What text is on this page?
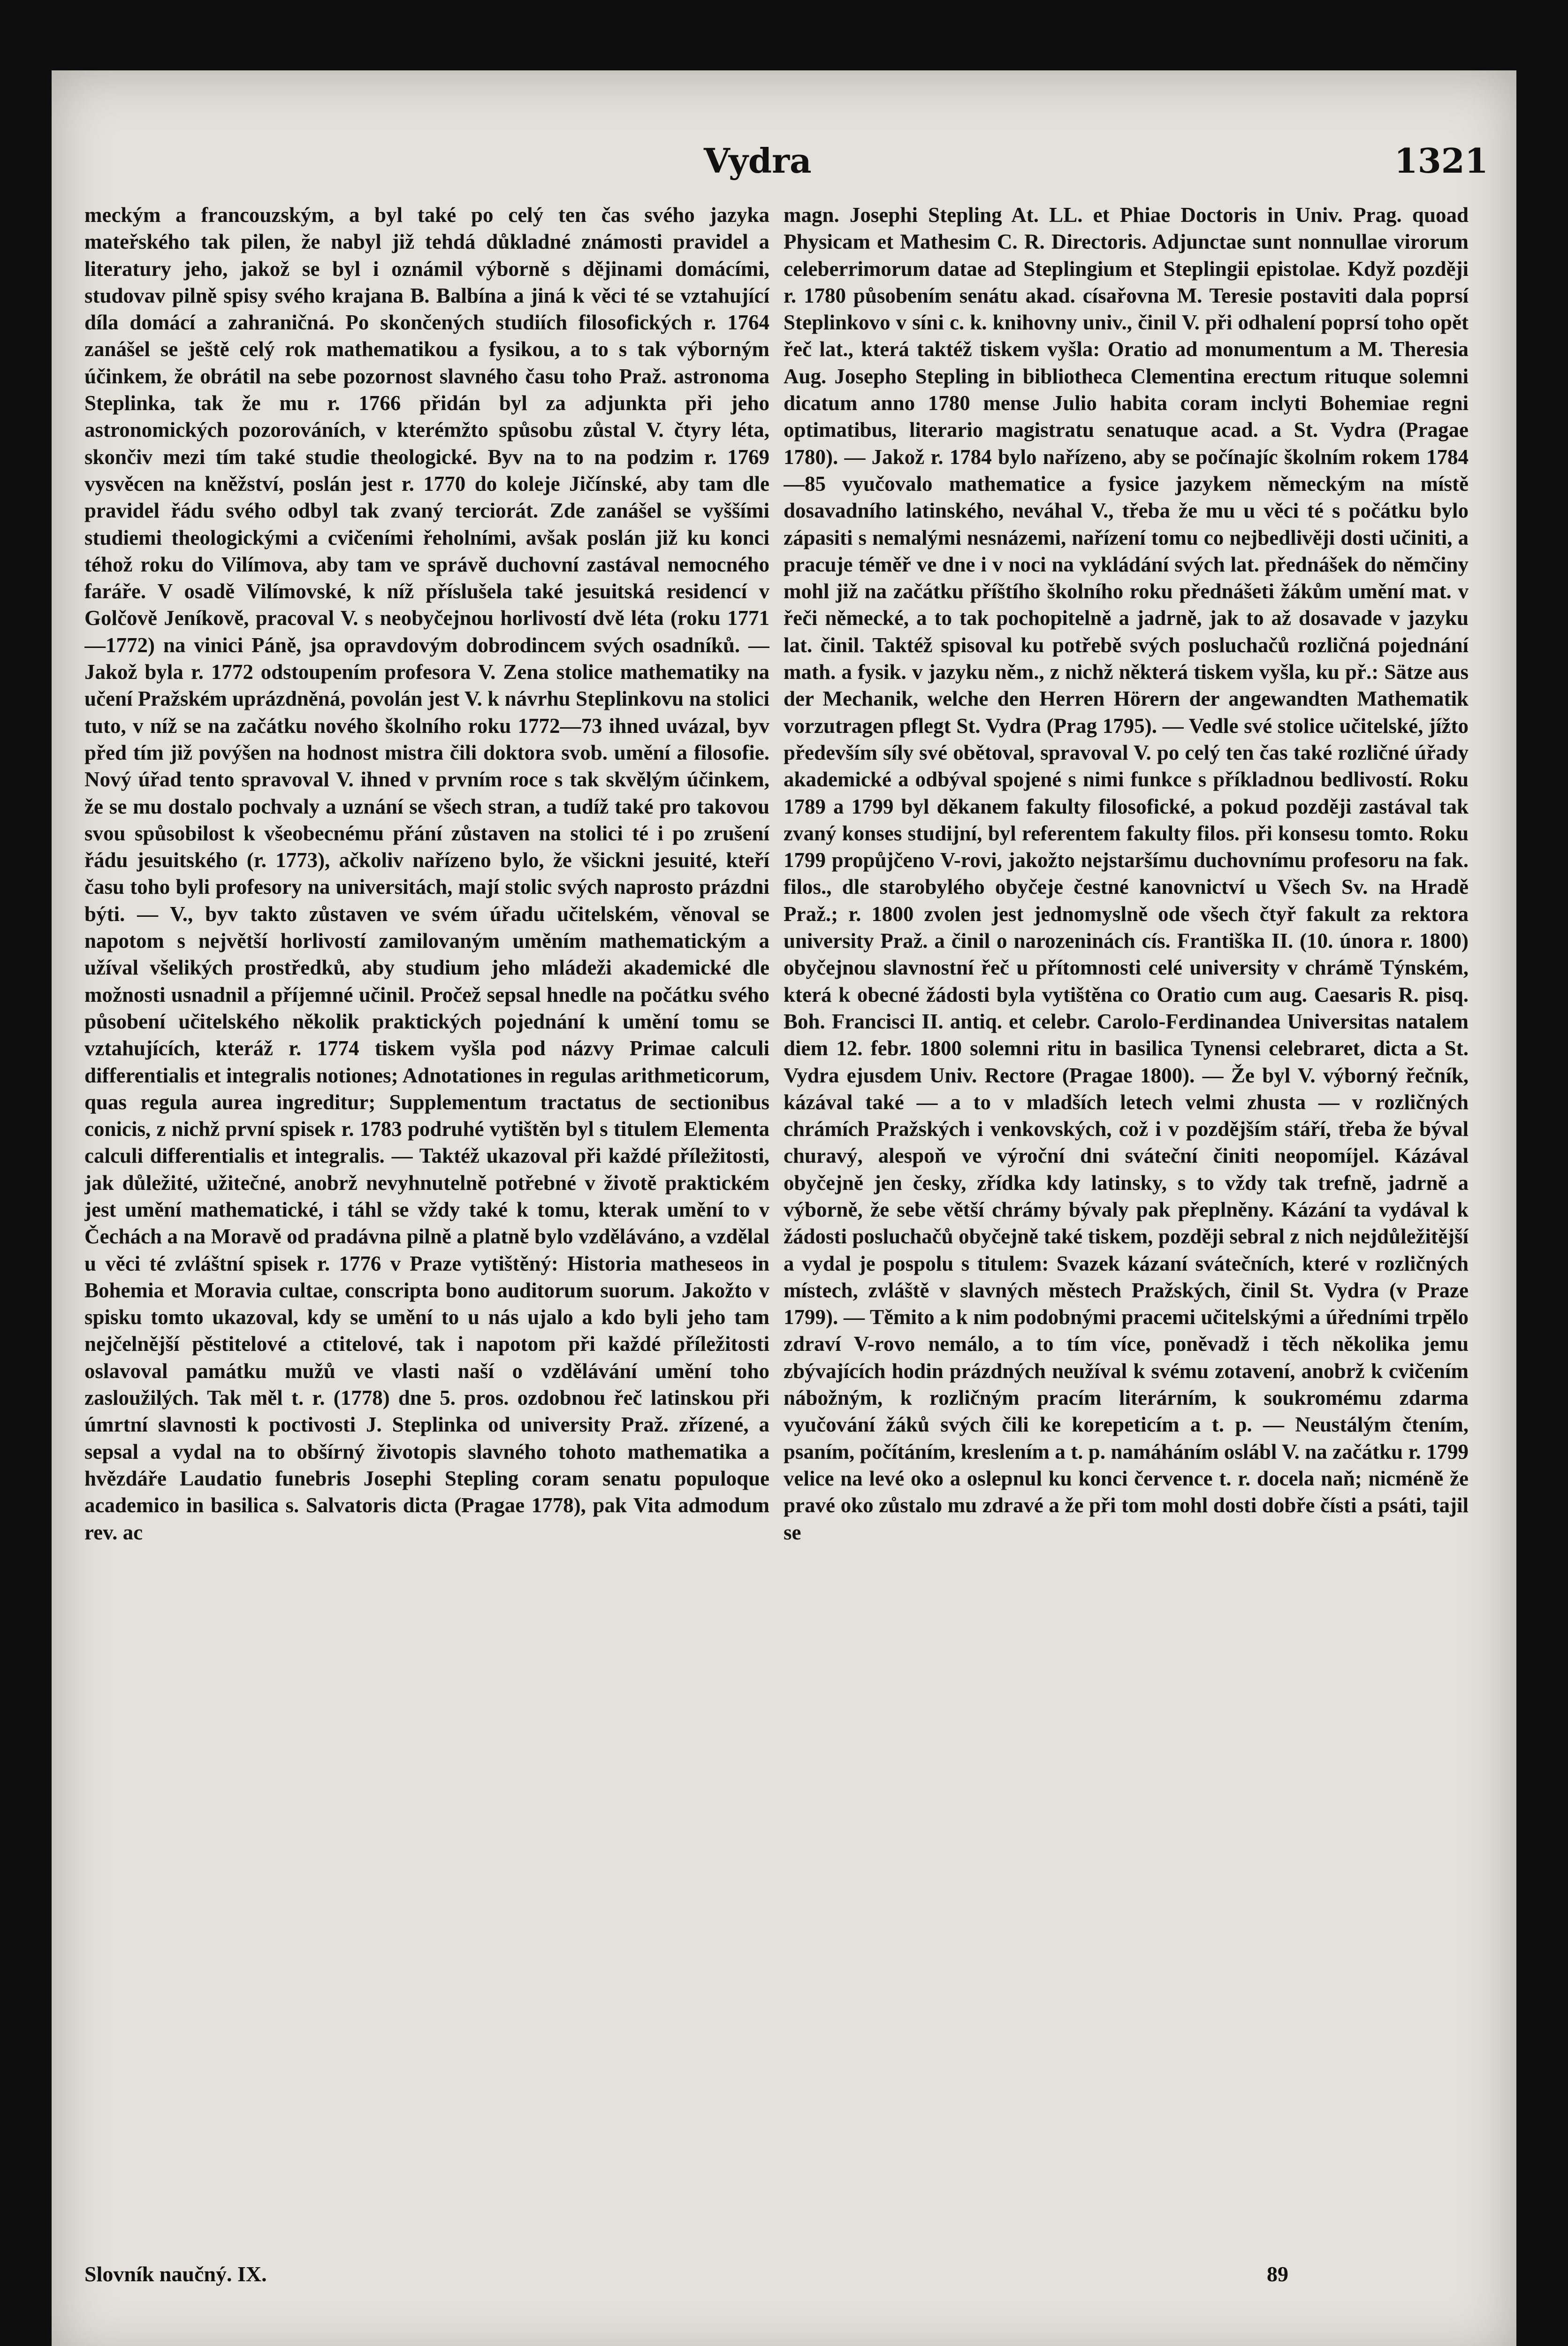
Vydra	1321

meckým a francouzským, a byl také po celý ten čas svého jazyka mateřského tak pilen, že nabyl již tehdá důkladné známosti pravidel a literatury jeho, jakož se byl i oznámil výborně s dějinami domácími, studovav pilně spisy svého krajana B. Balbína a jiná k věci té se vztahující díla domácí a zahraničná. Po skončených studiích filosofických r. 1764 zanášel se ještě celý rok mathematikou a fysikou, a to s tak výborným účinkem, že obrátil na sebe pozornost slavného času toho Praž. astronoma Steplinka, tak že mu r. 1766 přidán byl za adjunkta při jeho astronomických pozorováních, v kterémžto spůsobu zůstal V. čtyry léta, skončiv mezi tím také studie theologické. Byv na to na podzim r. 1769 vysvěcen na kněžství, poslán jest r. 1770 do koleje Jičínské, aby tam dle pravidel řádu svého odbyl tak zvaný terciorát. Zde zanášel se vyššími studiemi theologickými a cvičeními řeholními, avšak poslán již ku konci téhož roku do Vilímova, aby tam ve správě duchovní zastával nemocného faráře. V osadě Vilímovské, k níž příslušela také jesuitská residencí v Golčově Jeníkově, pracoval V. s neobyčejnou horlivostí dvě léta (roku 1771—1772) na vinici Páně, jsa opravdovým dobrodincem svých osadníků. — Jakož byla r. 1772 odstoupením profesora V. Zena stolice mathematiky na učení Pražském uprázdněná, povolán jest V. k návrhu Steplinkovu na stolici tuto, v níž se na začátku nového školního roku 1772—73 ihned uvázal, byv před tím již povýšen na hodnost mistra čili doktora svob. umění a filosofie. Nový úřad tento spravoval V. ihned v prvním roce s tak skvělým účinkem, že se mu dostalo pochvaly a uznání se všech stran, a tudíž také pro takovou svou spůsobilost k všeobecnému přání zůstaven na stolici té i po zrušení řádu jesuitského (r. 1773), ačkoliv nařízeno bylo, že všickni jesuité, kteří času toho byli profesory na universitách, mají stolic svých naprosto prázdni býti. — V., byv takto zůstaven ve svém úřadu učitelském, věnoval se napotom s největší horlivostí zamilovaným uměním mathematickým a užíval všelikých prostředků, aby studium jeho mládeži akademické dle možnosti usnadnil a příjemné učinil. Pročež sepsal hnedle na počátku svého působení učitelského několik praktických pojednání k umění tomu se vztahujících, kteráž r. 1774 tiskem vyšla pod názvy Primae calculi differentialis et integralis notiones; Adnotationes in regulas arithmeticorum, quas regula aurea ingreditur; Supplementum tractatus de sectionibus conicis, z nichž první spisek r. 1783 podruhé vytištěn byl s titulem Elementa calculi differentialis et integralis. — Taktéž ukazoval při každé příležitosti, jak důležité, užitečné, anobrž nevyhnutelně potřebné v životě praktickém jest umění mathematické, i táhl se vždy také k tomu, kterak umění to v Čechách a na Moravě od pradávna pilně a platně bylo vzděláváno, a vzdělal u věci té zvláštní spisek r. 1776 v Praze vytištěný: Historia matheseos in Bohemia et Moravia cultae, conscripta bono auditorum suorum. Jakožto v spisku tomto ukazoval, kdy se umění to u nás ujalo a kdo byli jeho tam nejčelnější pěstitelové a ctitelové, tak i napotom při každé příležitosti oslavoval památku mužů ve vlasti naší o vzdělávání umění toho zasloužilých. Tak měl t. r. (1778) dne 5. pros. ozdobnou řeč latinskou při úmrtní slavnosti k poctivosti J. Steplinka od university Praž. zřízené, a sepsal a vydal na to obšírný životopis slavného tohoto mathematika a hvězdáře Laudatio funebris Josephi Stepling coram senatu populoque academico in basilica s. Salvatoris dicta (Pragae 1778), pak Vita admodum rev. ac

magn. Josephi Stepling At. LL. et Phiae Doctoris in Univ. Prag. quoad Physicam et Mathesim C. R. Directoris. Adjunctae sunt nonnullae virorum celeberrimorum datae ad Steplingium et Steplingii epistolae. Když později r. 1780 působením senátu akad. císařovna M. Teresie postaviti dala poprsí Steplinkovo v síni c. k. knihovny univ., činil V. při odhalení poprsí toho opět řeč lat., která taktéž tiskem vyšla: Oratio ad monumentum a M. Theresia Aug. Josepho Stepling in bibliotheca Clementina erectum rituque solemni dicatum anno 1780 mense Julio habita coram inclyti Bohemiae regni optimatibus, literario magistratu senatuque acad. a St. Vydra (Pragae 1780). — Jakož r. 1784 bylo nařízeno, aby se počínajíc školním rokem 1784—85 vyučovalo mathematice a fysice jazykem německým na místě dosavadního latinského, neváhal V., třeba že mu u věci té s počátku bylo zápasiti s nemalými nesnázemi, nařízení tomu co nejbedlivěji dosti učiniti, a pracuje téměř ve dne i v noci na vykládání svých lat. přednášek do němčiny mohl již na začátku příštího školního roku přednášeti žákům umění mat. v řeči německé, a to tak pochopitelně a jadrně, jak to až dosavade v jazyku lat. činil. Taktéž spisoval ku potřebě svých posluchačů rozličná pojednání math. a fysik. v jazyku něm., z nichž některá tiskem vyšla, ku př.: Sätze aus der Mechanik, welche den Herren Hörern der angewandten Mathematik vorzutragen pflegt St. Vydra (Prag 1795). — Vedle své stolice učitelské, jížto především síly své obětoval, spravoval V. po celý ten čas také rozličné úřady akademické a odbýval spojené s nimi funkce s příkladnou bedlivostí. Roku 1789 a 1799 byl děkanem fakulty filosofické, a pokud později zastával tak zvaný konses studijní, byl referentem fakulty filos. při konsesu tomto. Roku 1799 propůjčeno V-rovi, jakožto nejstaršímu duchovnímu profesoru na fak. filos., dle starobylého obyčeje čestné kanovnictví u Všech Sv. na Hradě Praž.; r. 1800 zvolen jest jednomyslně ode všech čtyř fakult za rektora university Praž. a činil o narozeninách cís. Františka II. (10. února r. 1800) obyčejnou slavnostní řeč u přítomnosti celé university v chrámě Týnském, která k obecné žádosti byla vytištěna co Oratio cum aug. Caesaris R. pisq. Boh. Francisci II. antiq. et celebr. Carolo-Ferdinandea Universitas natalem diem 12. febr. 1800 solemni ritu in basilica Tynensi celebraret, dicta a St. Vydra ejusdem Univ. Rectore (Pragae 1800). — Že byl V. výborný řečník, kázával také — a to v mladších letech velmi zhusta — v rozličných chrámích Pražských i venkovských, což i v pozdějším stáří, třeba že býval churavý, alespoň ve výroční dni sváteční činiti neopomíjel. Kázával obyčejně jen česky, zřídka kdy latinsky, s to vždy tak trefně, jadrně a výborně, že sebe větší chrámy bývaly pak přeplněny. Kázání ta vydával k žádosti posluchačů obyčejně také tiskem, později sebral z nich nejdůležitější a vydal je pospolu s titulem: Svazek kázaní svátečních, které v rozličných místech, zvláště v slavných městech Pražských, činil St. Vydra (v Praze 1799). — Těmito a k nim podobnými pracemi učitelskými a úředními trpělo zdraví V-rovo nemálo, a to tím více, poněvadž i těch několika jemu zbývajících hodin prázdných neužíval k svému zotavení, anobrž k cvičením nábožným, k rozličným pracím literárním, k soukromému zdarma vyučování žáků svých čili ke korepeticím a t. p. — Neustálým čtením, psaním, počítáním, kreslením a t. p. namáháním oslábl V. na začátku r. 1799 velice na levé oko a oslepnul ku konci července t. r. docela naň; nicméně že pravé oko zůstalo mu zdravé a že při tom mohl dosti dobře čísti a psáti, tajil se

Slovník naučný. IX.	89
